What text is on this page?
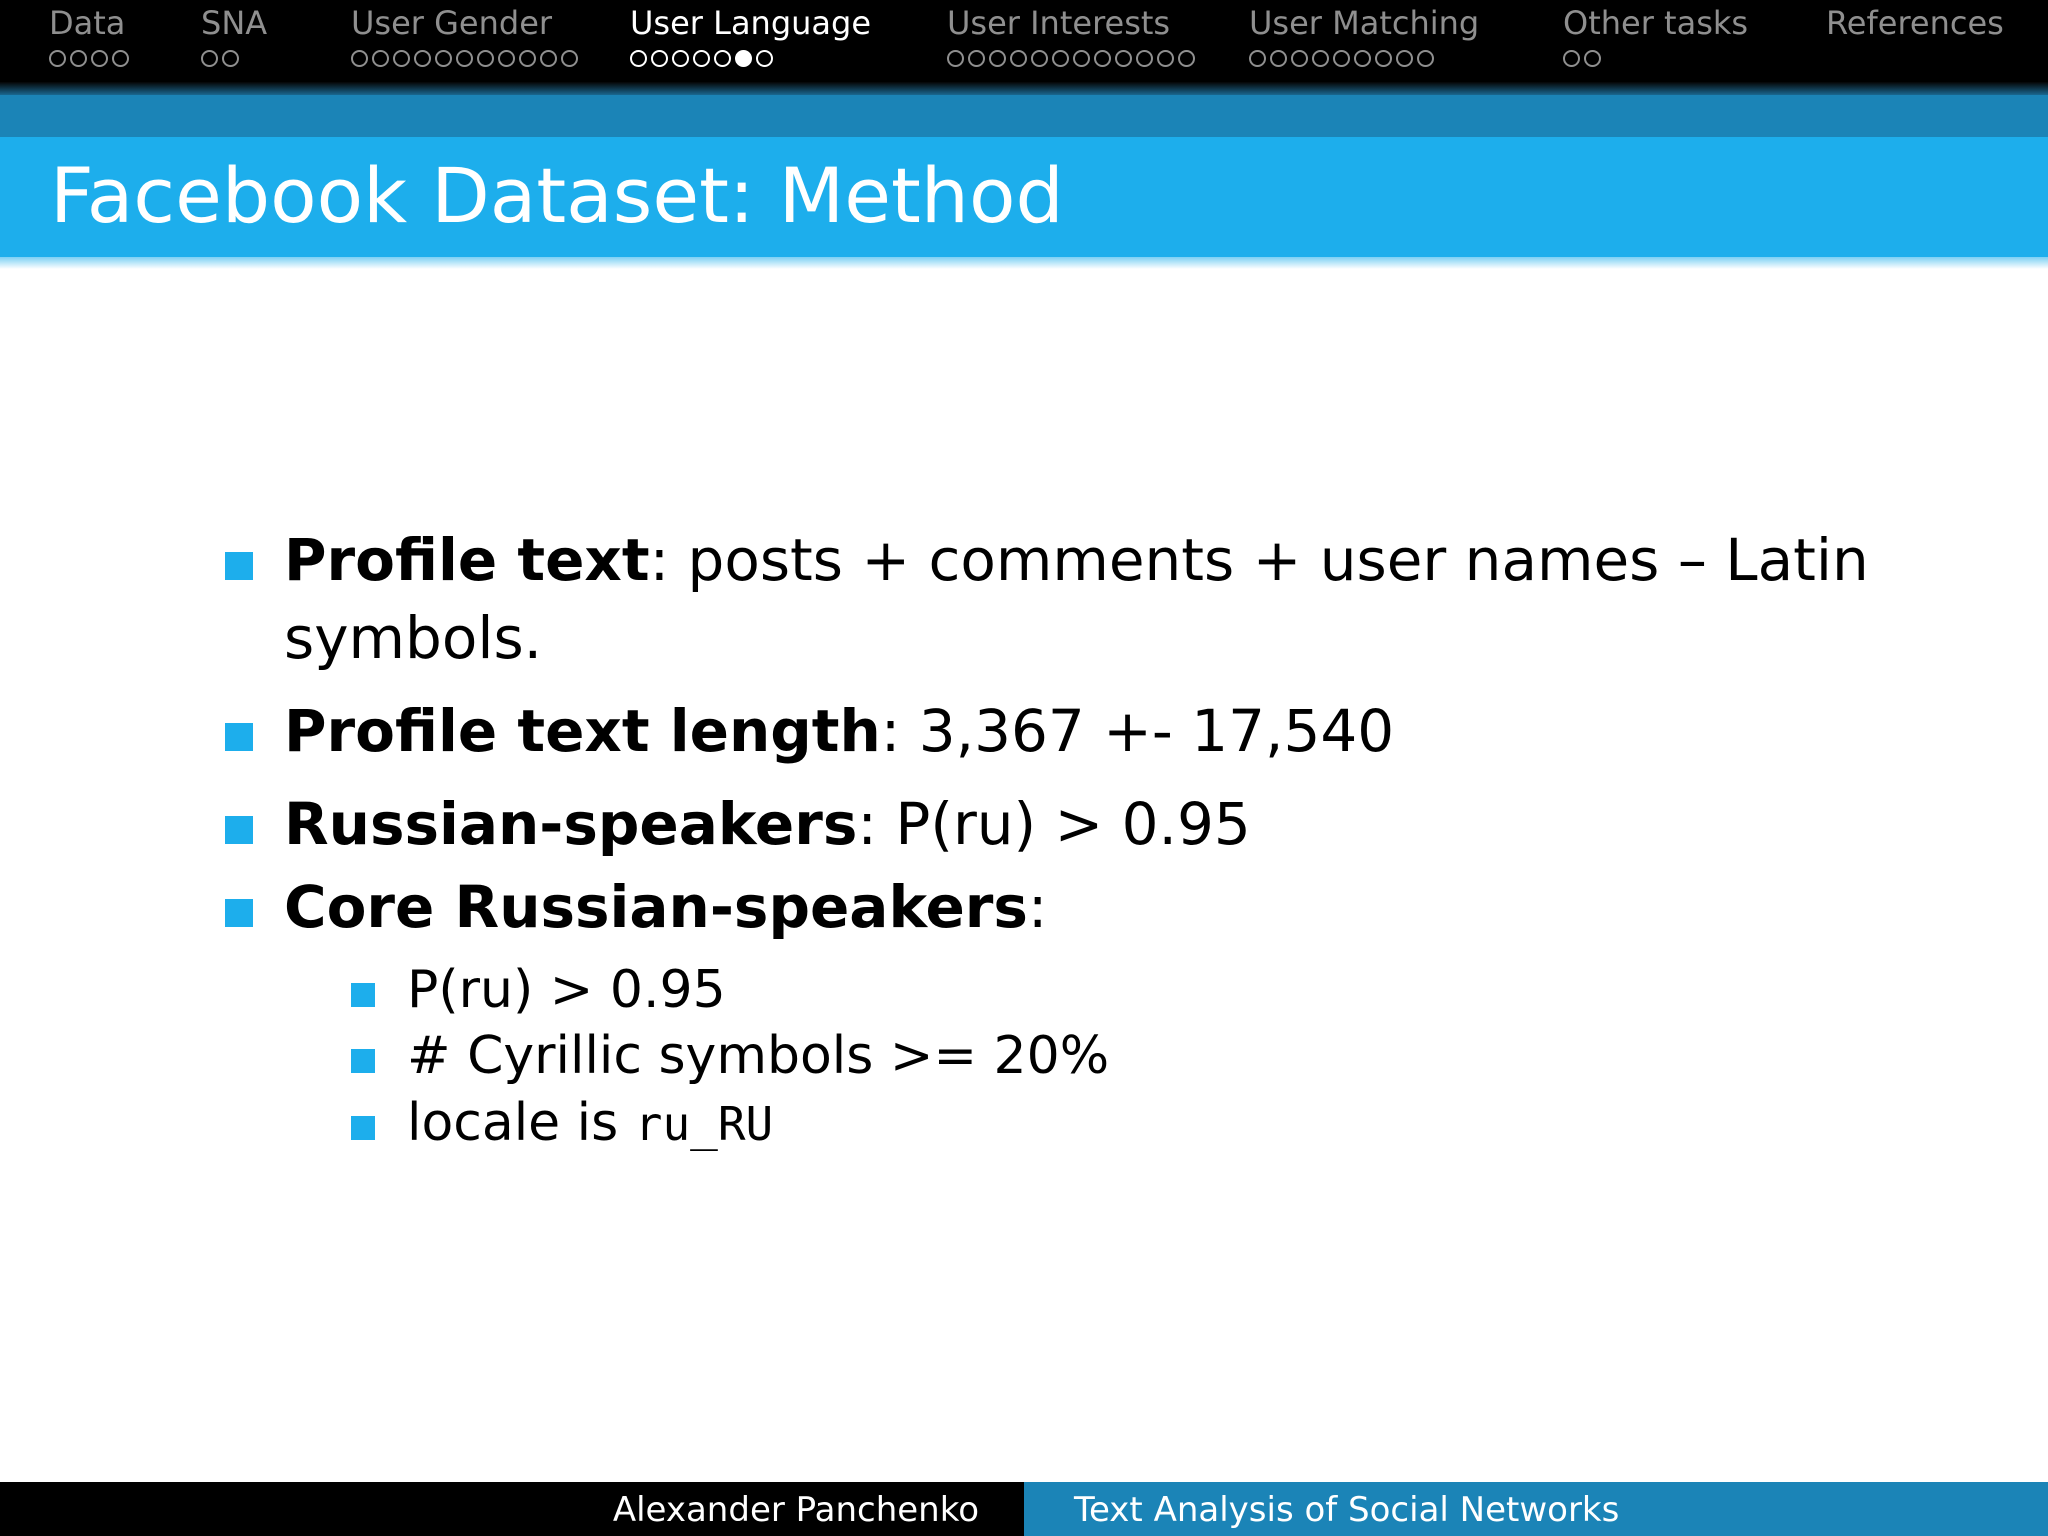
Data SNA	User Gender User Language User Interests User Matching	Other tasks References
Facebook Dataset: Method
Profile text: posts + comments + user names – Latin
symbols.
Profile text length: 3,367 +- 17,540
Russian-speakers: P(ru) > 0.95
Core Russian-speakers:
P(ru) > 0.95
# Cyrillic symbols >= 20%
locale is ru_RU
Alexander Panchenko	Text Analysis of Social Networks
